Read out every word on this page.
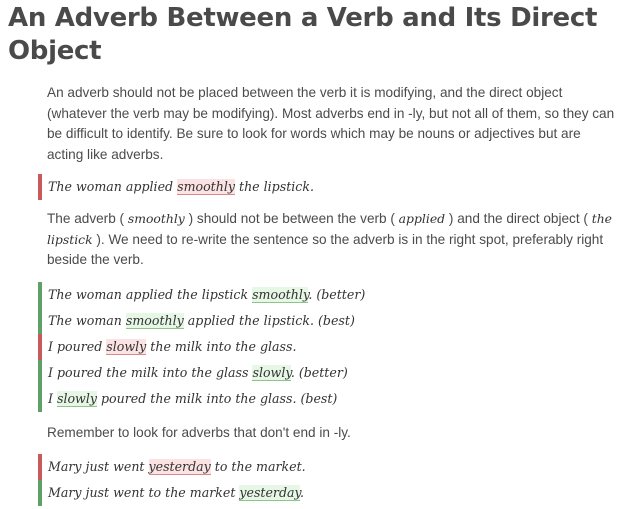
An Adverb Between a Verb and Its Direct Object

An adverb should not be placed between the verb it is modifying, and the direct object (whatever the verb may be modifying). Most adverbs end in -ly, but not all of them, so they can be difficult to identify. Be sure to look for words which may be nouns or adjectives but are acting like adverbs.

The woman applied smoothly the lipstick.

The adverb ( smoothly ) should not be between the verb ( applied ) and the direct object ( the lipstick ). We need to re-write the sentence so the adverb is in the right spot, preferably right beside the verb.

The woman applied the lipstick smoothly. (better)
The woman smoothly applied the lipstick. (best)
I poured slowly the milk into the glass.
I poured the milk into the glass slowly. (better)
I slowly poured the milk into the glass. (best)

Remember to look for adverbs that don't end in -ly.

Mary just went yesterday to the market.
Mary just went to the market yesterday.
